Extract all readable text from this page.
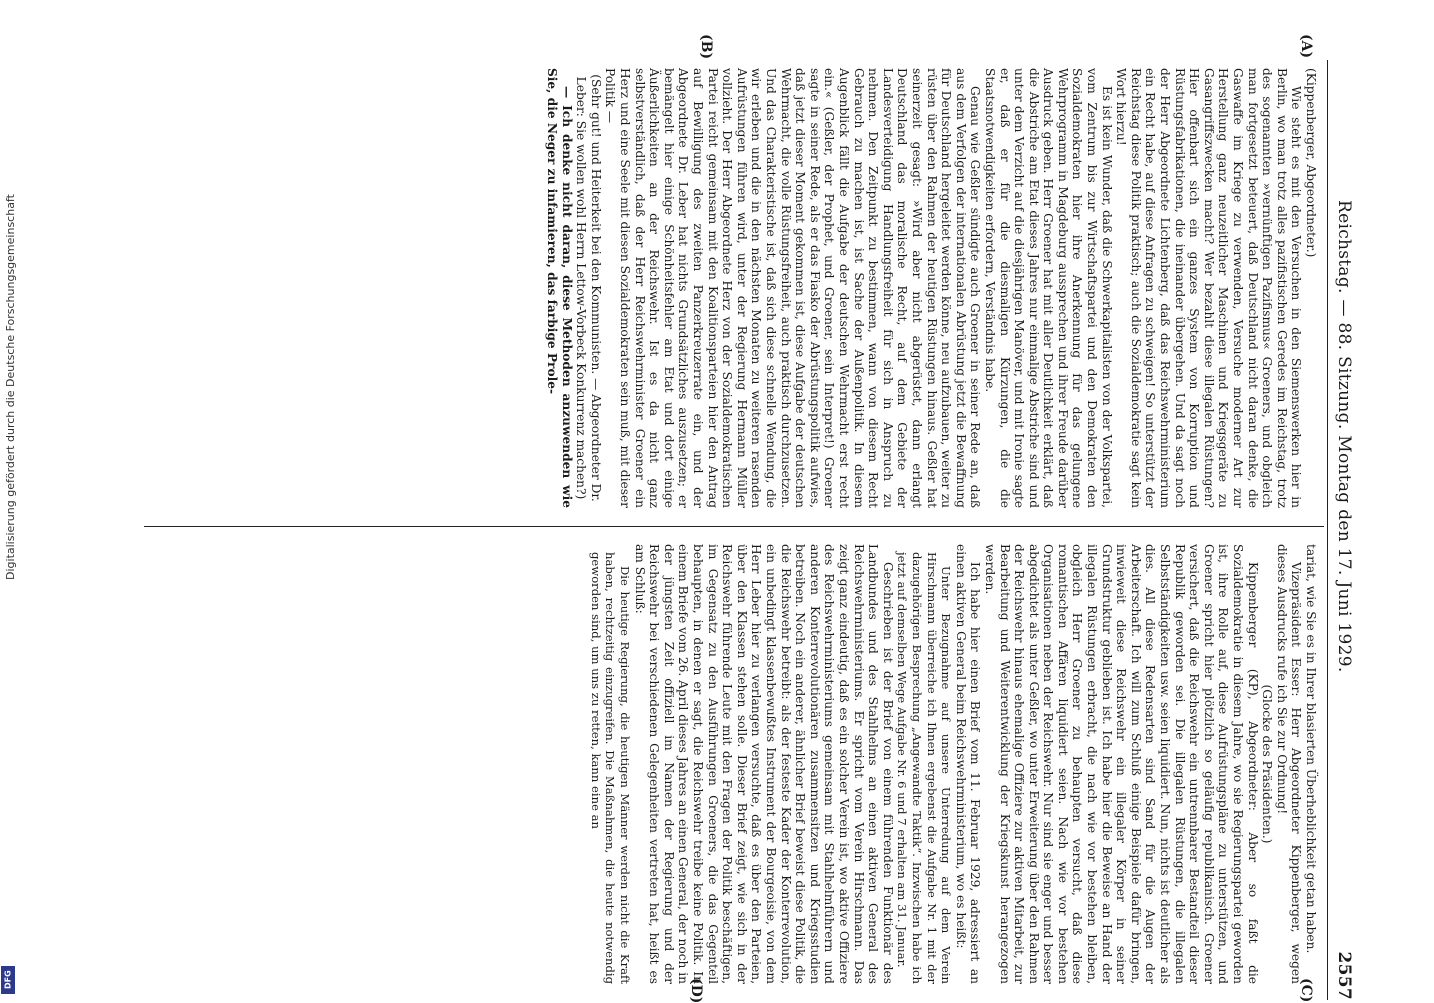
Digitalisierung gefördert durch die Deutsche Forschungsgemeinschaft
DFG
Reichstag. — 88. Sitzung. Montag den 17. Juni 1929.
2557
(A)
(B)
(C)
(D)

(Kippenberger, Abgeordneter.)

Wie steht es mit den Versuchen in den Siemenswerken hier in Berlin, wo man trotz alles pazifistischen Geredes im Reichstag, trotz des sogenannten »vernünftigen Pazifismus« Groeners, und obgleich man fortgesetzt beteuert, daß Deutschland nicht daran denke, die Gaswaffe im Kriege zu verwenden, Versuche moderner Art zur Herstellung ganz neuzeitlicher Maschinen und Kriegsgeräte zu Gasangriffszwecken macht? Wer bezahlt diese illegalen Rüstungen? Hier offenbart sich ein ganzes System von Korruption und Rüstungsfabrikationen, die ineinander übergehen. Und da sagt noch der Herr Abgeordnete Lichtenberg, daß das Reichswehrministerium ein Recht habe, auf diese Anfragen zu schweigen! So unterstützt der Reichstag diese Politik praktisch; auch die Sozialdemokratie sagt kein Wort hierzu!

Es ist kein Wunder, daß die Schwerkapitalisten von der Volkspartei, vom Zentrum bis zur Wirtschaftspartei und den Demokraten den Sozialdemokraten hier ihre Anerkennung für das gelungene Wehrprogramm in Magdeburg aussprechen und ihrer Freude darüber Ausdruck geben. Herr Groener hat mit aller Deutlichkeit erklärt, daß die Abstriche am Etat dieses Jahres nur einmalige Abstriche sind und unter dem Verzicht auf die diesjährigen Manöver, und mit Ironie sagte er, daß er für die diesmaligen Kürzungen, die die Staatsnotwendigkeiten erfordern, Verständnis habe.

Genau wie Geßler sündigte auch Groener in seiner Rede an, daß aus dem Verfolgen der internationalen Abrüstung jetzt die Bewaffnung für Deutschland hergeleitet werden könne, neu aufzubauen, weiter zu rüsten über den Rahmen der heutigen Rüstungen hinaus. Geßler hat seinerzeit gesagt: »Wird aber nicht abgerüstet, dann erlangt Deutschland das moralische Recht, auf dem Gebiete der Landesverteidigung Handlungsfreiheit für sich in Anspruch zu nehmen. Den Zeitpunkt zu bestimmen, wann von diesem Recht Gebrauch zu machen ist, ist Sache der Außenpolitik. In diesem Augenblick fällt die Aufgabe der deutschen Wehrmacht erst recht ein.« (Geßler, der Prophet, und Groener, sein Interpret!) Groener sagte in seiner Rede, als er das Fiasko der Abrüstungspolitik aufwies, daß jetzt dieser Moment gekommen ist, diese Aufgabe der deutschen Wehrmacht, die volle Rüstungsfreiheit, auch praktisch durchzusetzen. Und das Charakteristische ist, daß sich diese schnelle Wendung, die wir erleben und die in den nächsten Monaten zu weiteren rasenden Aufrüstungen führen wird, unter der Regierung Hermann Müller vollzieht. Der Herr Abgeordnete Herz von der Sozialdemokratischen Partei reicht gemeinsam mit den Koalitionsparteien hier den Antrag auf Bewilligung des zweiten Panzerkreuzerrate ein, und der Abgeordnete Dr. Leber hat nichts Grundsätzliches auszusetzen; er bemängelt hier einige Schönheitsfehler am Etat und dort einige Äußerlichkeiten an der Reichswehr. Ist es da nicht ganz selbstverständlich, daß der Herr Reichswehrminister Groener ein Herz und eine Seele mit diesen Sozialdemokraten sein muß, mit dieser Politik —

(Sehr gut! und Heiterkeit bei den Kommunisten. — Abgeordneter Dr. Leber: Sie wollen wohl Herrn Lettow-Vorbeck Konkurrenz machen?)

— Ich denke nicht daran, diese Methoden anzuwenden wie Sie, die Neger zu infamieren, das farbige Prole-

tariat, wie Sie es in Ihrer blasierten Überheblichkeit getan haben.

Vizepräsident Esser: Herr Abgeordneter Kippenberger, wegen dieses Ausdrucks rufe ich Sie zur Ordnung!

(Glocke des Präsidenten.)

Kippenberger (KP), Abgeordneter: Aber so faßt die Sozialdemokratie in diesem Jahre, wo sie Regierungspartei geworden ist, ihre Rolle auf, diese Aufrüstungspläne zu unterstützen, und Groener spricht hier plötzlich so geläufig republikanisch. Groener versichert, daß die Reichswehr ein untrennbarer Bestandteil dieser Republik geworden sei. Die illegalen Rüstungen, die illegalen Selbstständigkeiten usw. seien liquidiert. Nun, nichts ist deutlicher als dies. All diese Redensarten sind Sand für die Augen der Arbeiterschaft. Ich will zum Schluß einige Beispiele dafür bringen, inwieweit diese Reichswehr ein illegaler Körper in seiner Grundstruktur geblieben ist. Ich habe hier die Beweise an Hand der illegalen Rüstungen erbracht, die nach wie vor bestehen bleiben, obgleich Herr Groener zu behaupten versucht, daß diese romantischen Affären liquidiert seien. Nach wie vor bestehen Organisationen neben der Reichswehr. Nur sind sie enger und besser abgedichtet als unter Geßler, wo unter Erweiterung über den Rahmen der Reichswehr hinaus ehemalige Offiziere zur aktiven Mitarbeit, zur Bearbeitung und Weiterentwicklung der Kriegskunst herangezogen werden.

Ich habe hier einen Brief vom 11. Februar 1929, adressiert an einen aktiven General beim Reichswehrministerium, wo es heißt:

Unter Bezugnahme auf unsere Unterredung auf dem Verein Hirschmann überreiche ich Ihnen ergebenst die Aufgabe Nr. 1 mit der dazugehörigen Besprechung „Angewandte Taktik“. Inzwischen habe ich jetzt auf demselben Wege Aufgabe Nr. 6 und 7 erhalten am 31. Januar.

Geschrieben ist der Brief von einem führenden Funktionär des Landbundes und des Stahlhelms an einen aktiven General des Reichswehrministeriums. Er spricht vom Verein Hirschmann. Das zeigt ganz eindeutig, daß es ein solcher Verein ist, wo aktive Offiziere des Reichswehrministeriums gemeinsam mit Stahlhelmführern und anderen Konterrevolutionären zusammensitzen und Kriegsstudien betreiben. Noch ein anderer, ähnlicher Brief beweist diese Politik, die die Reichswehr betreibt: als der festeste Kader der Konterrevolution, ein unbedingt klassenbewußtes Instrument der Bourgeoisie, von dem Herr Leber hier zu verlangen versuchte, daß es über den Parteien, über den Klassen stehen solle. Dieser Brief zeigt, wie sich in der Reichswehr führende Leute mit den Fragen der Politik beschäftigen, im Gegensatz zu den Ausführungen Groeners, die das Gegenteil behaupten, in denen er sagt, die Reichswehr treibe keine Politik. In einem Briefe vom 26. April dieses Jahres an einen General, der noch in der jüngsten Zeit offiziell im Namen der Regierung und der Reichswehr bei verschiedenen Gelegenheiten vertreten hat, heißt es am Schluß:

Die heutige Regierung, die heutigen Männer werden nicht die Kraft haben, rechtzeitig einzugreifen. Die Maßnahmen, die heute notwendig geworden sind, um uns zu retten, kann eine an
